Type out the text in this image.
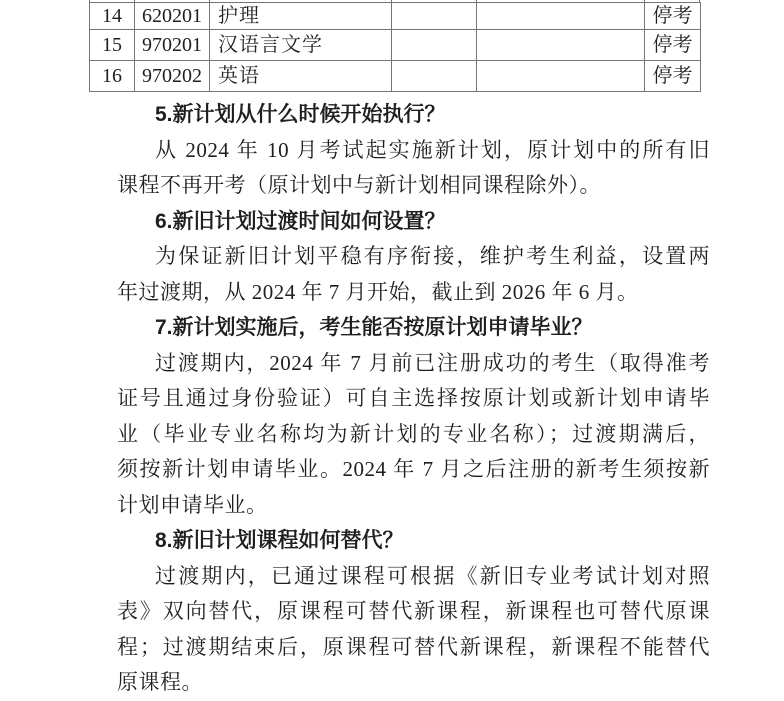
14	620201	护理			停考
15	970201	汉语言文学			停考
16	970202	英语			停考
5.新计划从什么时候开始执行？
从 2024 年 10 月考试起实施新计划，原计划中的所有旧
课程不再开考（原计划中与新计划相同课程除外）。
6.新旧计划过渡时间如何设置？
为保证新旧计划平稳有序衔接，维护考生利益，设置两
年过渡期，从 2024 年 7 月开始，截止到 2026 年 6 月。
7.新计划实施后，考生能否按原计划申请毕业？
过渡期内，2024 年 7 月前已注册成功的考生（取得准考
证号且通过身份验证）可自主选择按原计划或新计划申请毕
业（毕业专业名称均为新计划的专业名称）；过渡期满后，
须按新计划申请毕业。2024 年 7 月之后注册的新考生须按新
计划申请毕业。
8.新旧计划课程如何替代？
过渡期内，已通过课程可根据《新旧专业考试计划对照
表》双向替代，原课程可替代新课程，新课程也可替代原课
程；过渡期结束后，原课程可替代新课程，新课程不能替代
原课程。
